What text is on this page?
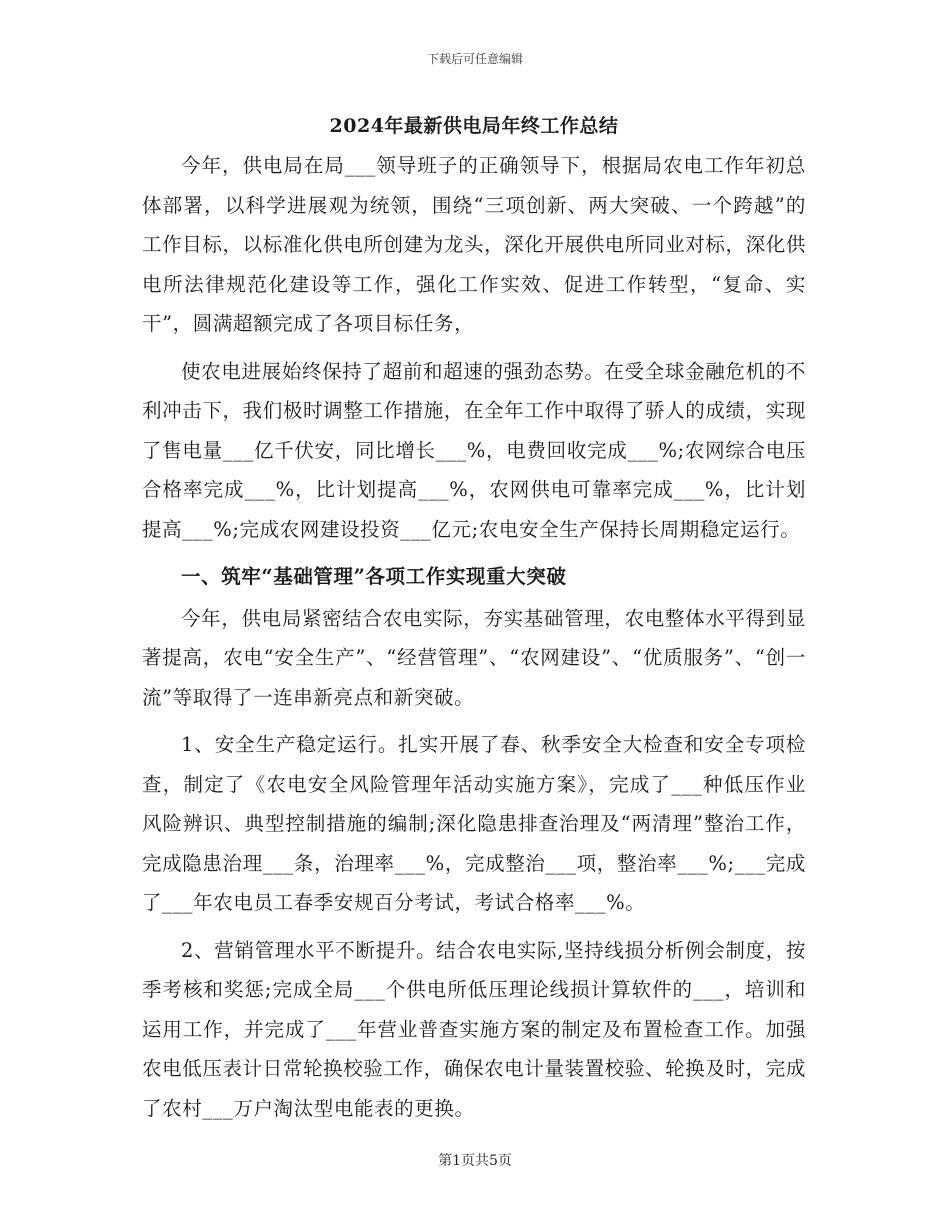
下载后可任意编辑
2024年最新供电局年终工作总结

今年，供电局在局___领导班子的正确领导下，根据局农电工作年初总体部署，以科学进展观为统领，围绕“三项创新、两大突破、一个跨越”的工作目标，以标准化供电所创建为龙头，深化开展供电所同业对标，深化供电所法律规范化建设等工作，强化工作实效、促进工作转型，“复命、实干”，圆满超额完成了各项目标任务，

使农电进展始终保持了超前和超速的强劲态势。在受全球金融危机的不利冲击下，我们极时调整工作措施，在全年工作中取得了骄人的成绩，实现了售电量___亿千伏安，同比增长___%，电费回收完成___%;农网综合电压合格率完成___%，比计划提高___%，农网供电可靠率完成___%，比计划提高___%;完成农网建设投资___亿元;农电安全生产保持长周期稳定运行。

一、筑牢“基础管理”各项工作实现重大突破

今年，供电局紧密结合农电实际，夯实基础管理，农电整体水平得到显著提高，农电“安全生产”、“经营管理”、“农网建设”、“优质服务”、“创一流”等取得了一连串新亮点和新突破。

1、安全生产稳定运行。扎实开展了春、秋季安全大检查和安全专项检查，制定了《农电安全风险管理年活动实施方案》，完成了___种低压作业风险辨识、典型控制措施的编制;深化隐患排查治理及“两清理”整治工作，完成隐患治理___条，治理率___%，完成整治___项，整治率___%;___完成了___年农电员工春季安规百分考试，考试合格率___%。

2、营销管理水平不断提升。结合农电实际,坚持线损分析例会制度，按季考核和奖惩;完成全局___个供电所低压理论线损计算软件的___，培训和运用工作，并完成了___年营业普查实施方案的制定及布置检查工作。加强农电低压表计日常轮换校验工作，确保农电计量装置校验、轮换及时，完成了农村___万户淘汰型电能表的更换。

第1页共5页
